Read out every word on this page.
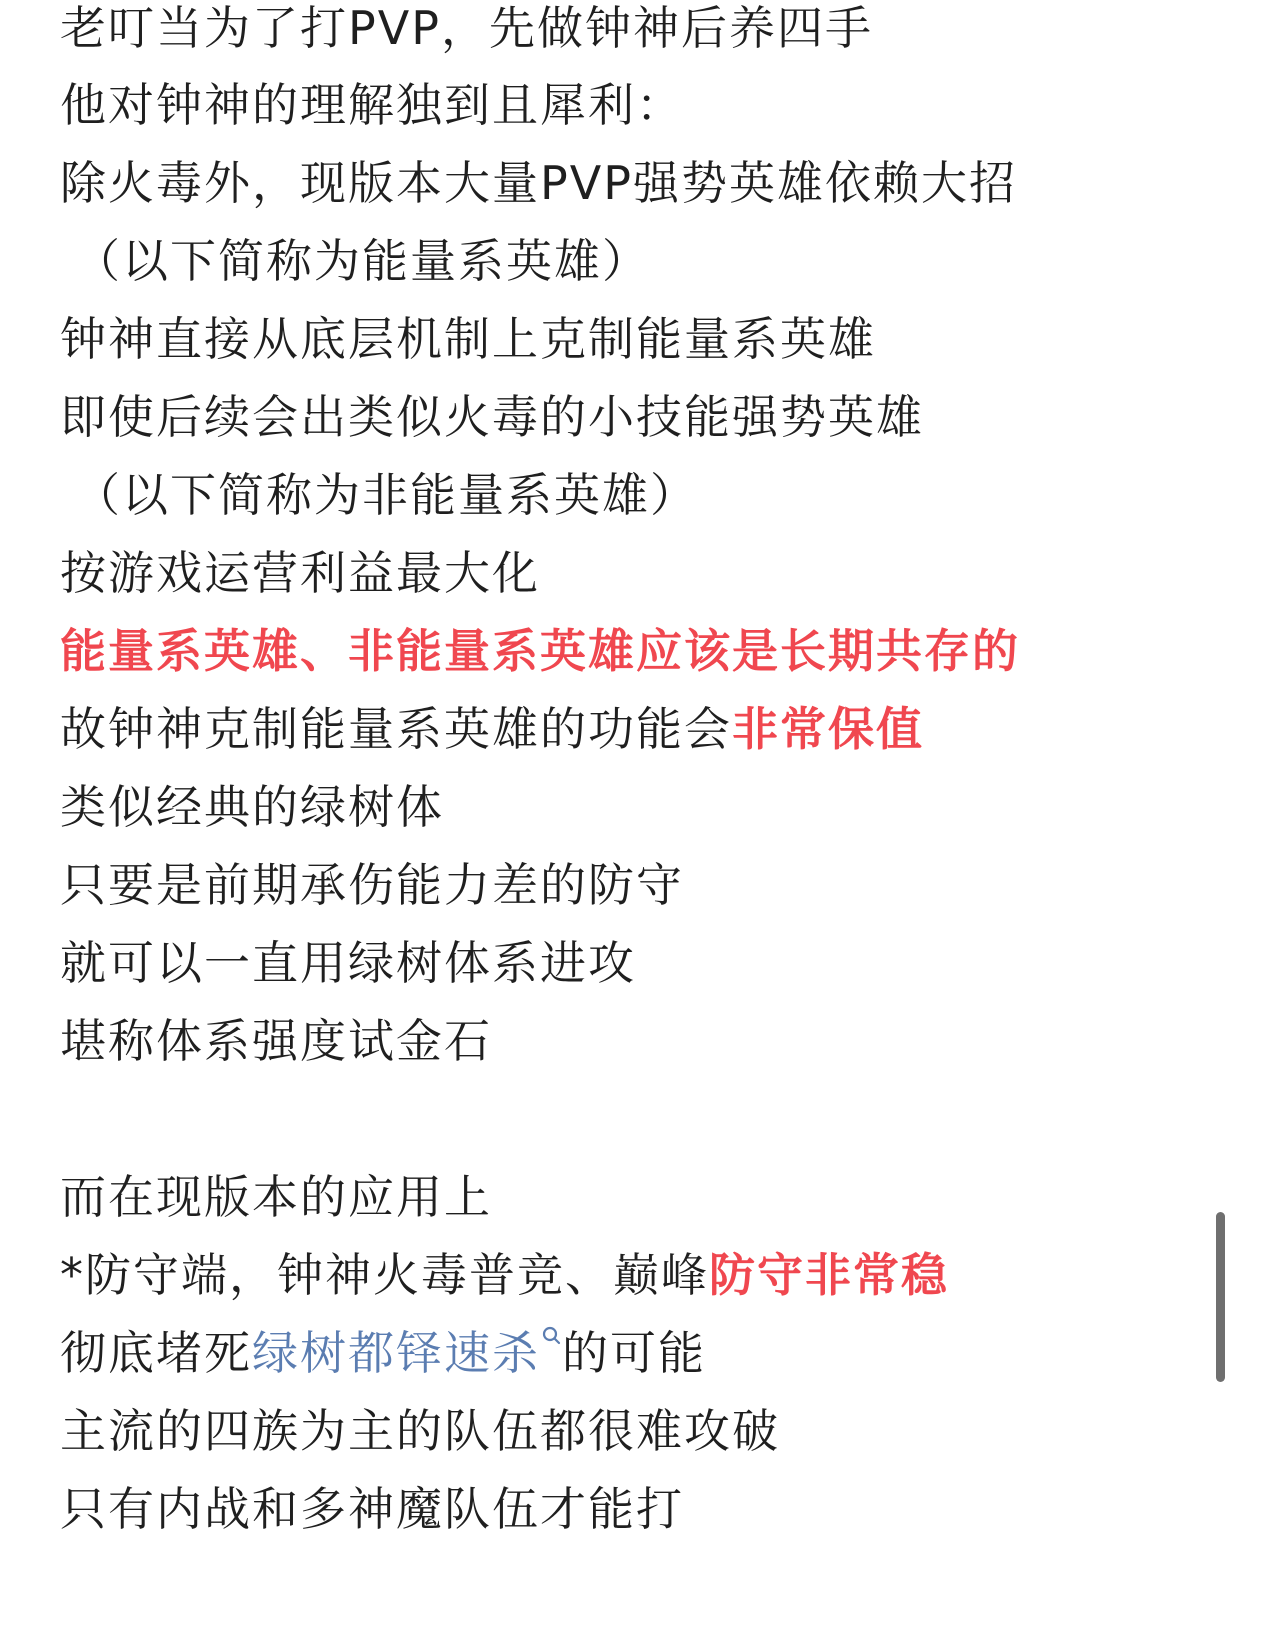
老叮当为了打PVP，先做钟神后养四手
他对钟神的理解独到且犀利：
除火毒外，现版本大量PVP强势英雄依赖大招
（以下简称为能量系英雄）
钟神直接从底层机制上克制能量系英雄
即使后续会出类似火毒的小技能强势英雄
（以下简称为非能量系英雄）
按游戏运营利益最大化
能量系英雄、非能量系英雄应该是长期共存的
故钟神克制能量系英雄的功能会非常保值
类似经典的绿树体
只要是前期承伤能力差的防守
就可以一直用绿树体系进攻
堪称体系强度试金石
而在现版本的应用上
*防守端，钟神火毒普竞、巅峰防守非常稳
彻底堵死绿树都铎速杀 的可能
主流的四族为主的队伍都很难攻破
只有内战和多神魔队伍才能打
